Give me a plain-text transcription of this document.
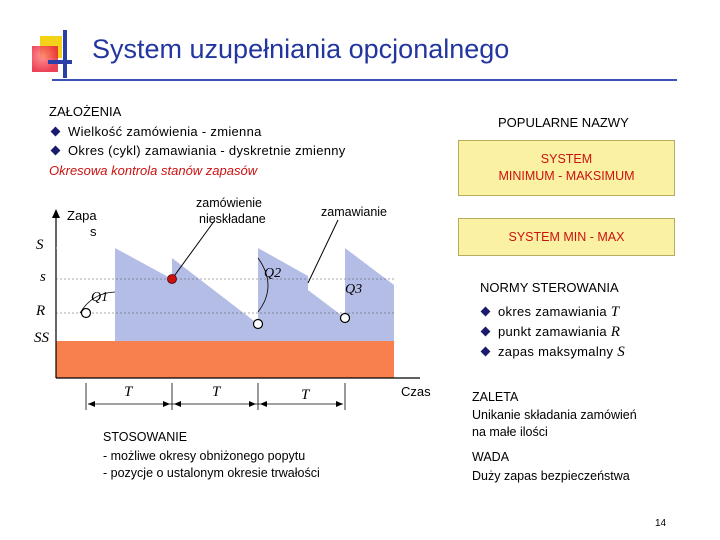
System uzupełniania opcjonalnego
ZAŁOŻENIA
Wielkość zamówienia - zmienna
Okres (cykl) zamawiania - dyskretnie zmienny
Okresowa kontrola stanów zapasów
POPULARNE NAZWY
SYSTEM
MINIMUM - MAKSIMUM
SYSTEM MIN - MAX
NORMY STEROWANIA
okres zamawiania T
punkt zamawiania R
zapas maksymalny S
Zapa
s
S
s
R
SS
zamówienie
nieskładane	zamawianie
Q1
Q2
Q3
T	T	T	Czas
STOSOWANIE
- możliwe okresy obniżonego popytu
- pozycje o ustalonym okresie trwałości
ZALETA
Unikanie składania zamówień
na małe ilości
WADA
Duży zapas bezpieczeństwa
14
